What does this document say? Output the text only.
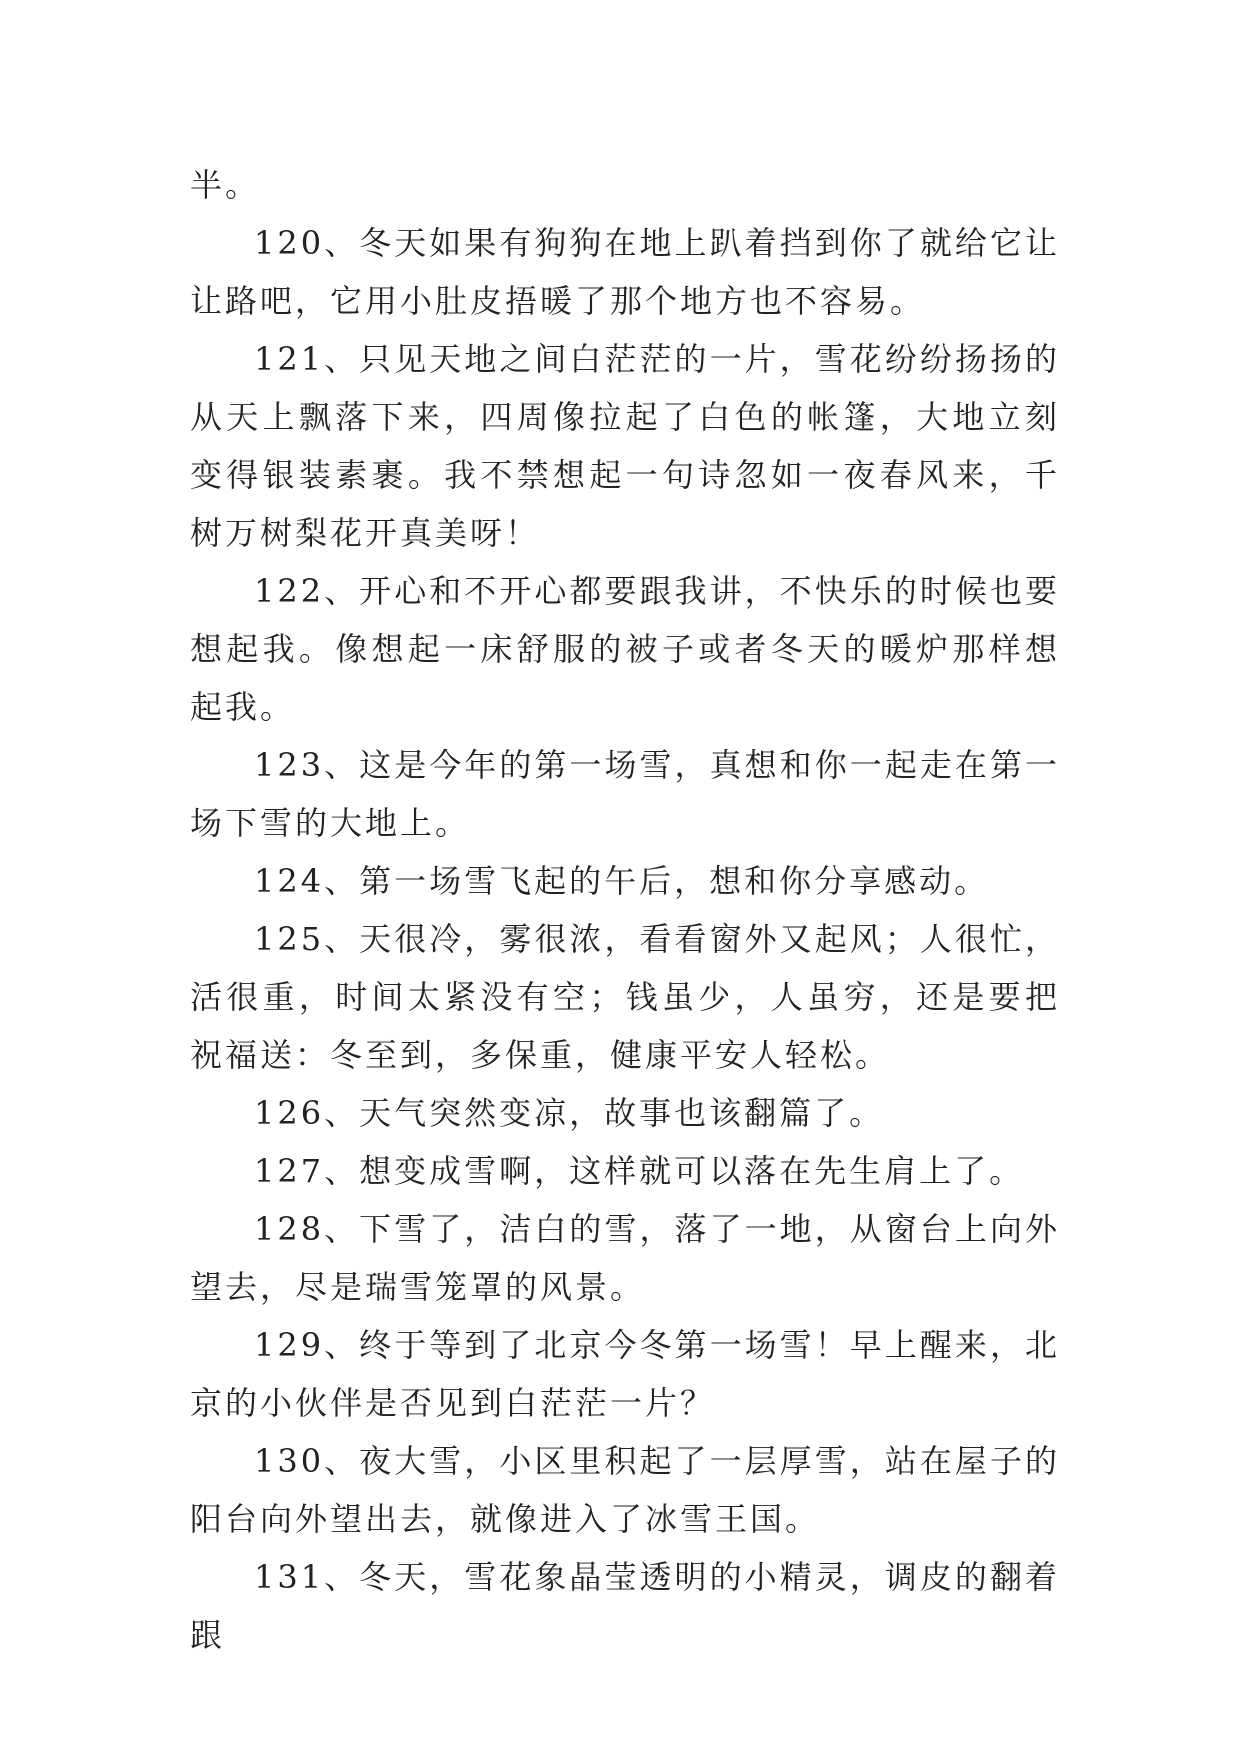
半。

120、冬天如果有狗狗在地上趴着挡到你了就给它让让路吧，它用小肚皮捂暖了那个地方也不容易。

121、只见天地之间白茫茫的一片，雪花纷纷扬扬的从天上飘落下来，四周像拉起了白色的帐篷，大地立刻变得银装素裹。我不禁想起一句诗忽如一夜春风来，千树万树梨花开真美呀！

122、开心和不开心都要跟我讲，不快乐的时候也要想起我。像想起一床舒服的被子或者冬天的暖炉那样想起我。

123、这是今年的第一场雪，真想和你一起走在第一场下雪的大地上。

124、第一场雪飞起的午后，想和你分享感动。

125、天很冷，雾很浓，看看窗外又起风；人很忙，活很重，时间太紧没有空；钱虽少，人虽穷，还是要把祝福送：冬至到，多保重，健康平安人轻松。

126、天气突然变凉，故事也该翻篇了。

127、想变成雪啊，这样就可以落在先生肩上了。

128、下雪了，洁白的雪，落了一地，从窗台上向外望去，尽是瑞雪笼罩的风景。

129、终于等到了北京今冬第一场雪！早上醒来，北京的小伙伴是否见到白茫茫一片？

130、夜大雪，小区里积起了一层厚雪，站在屋子的阳台向外望出去，就像进入了冰雪王国。

131、冬天，雪花象晶莹透明的小精灵，调皮的翻着跟
